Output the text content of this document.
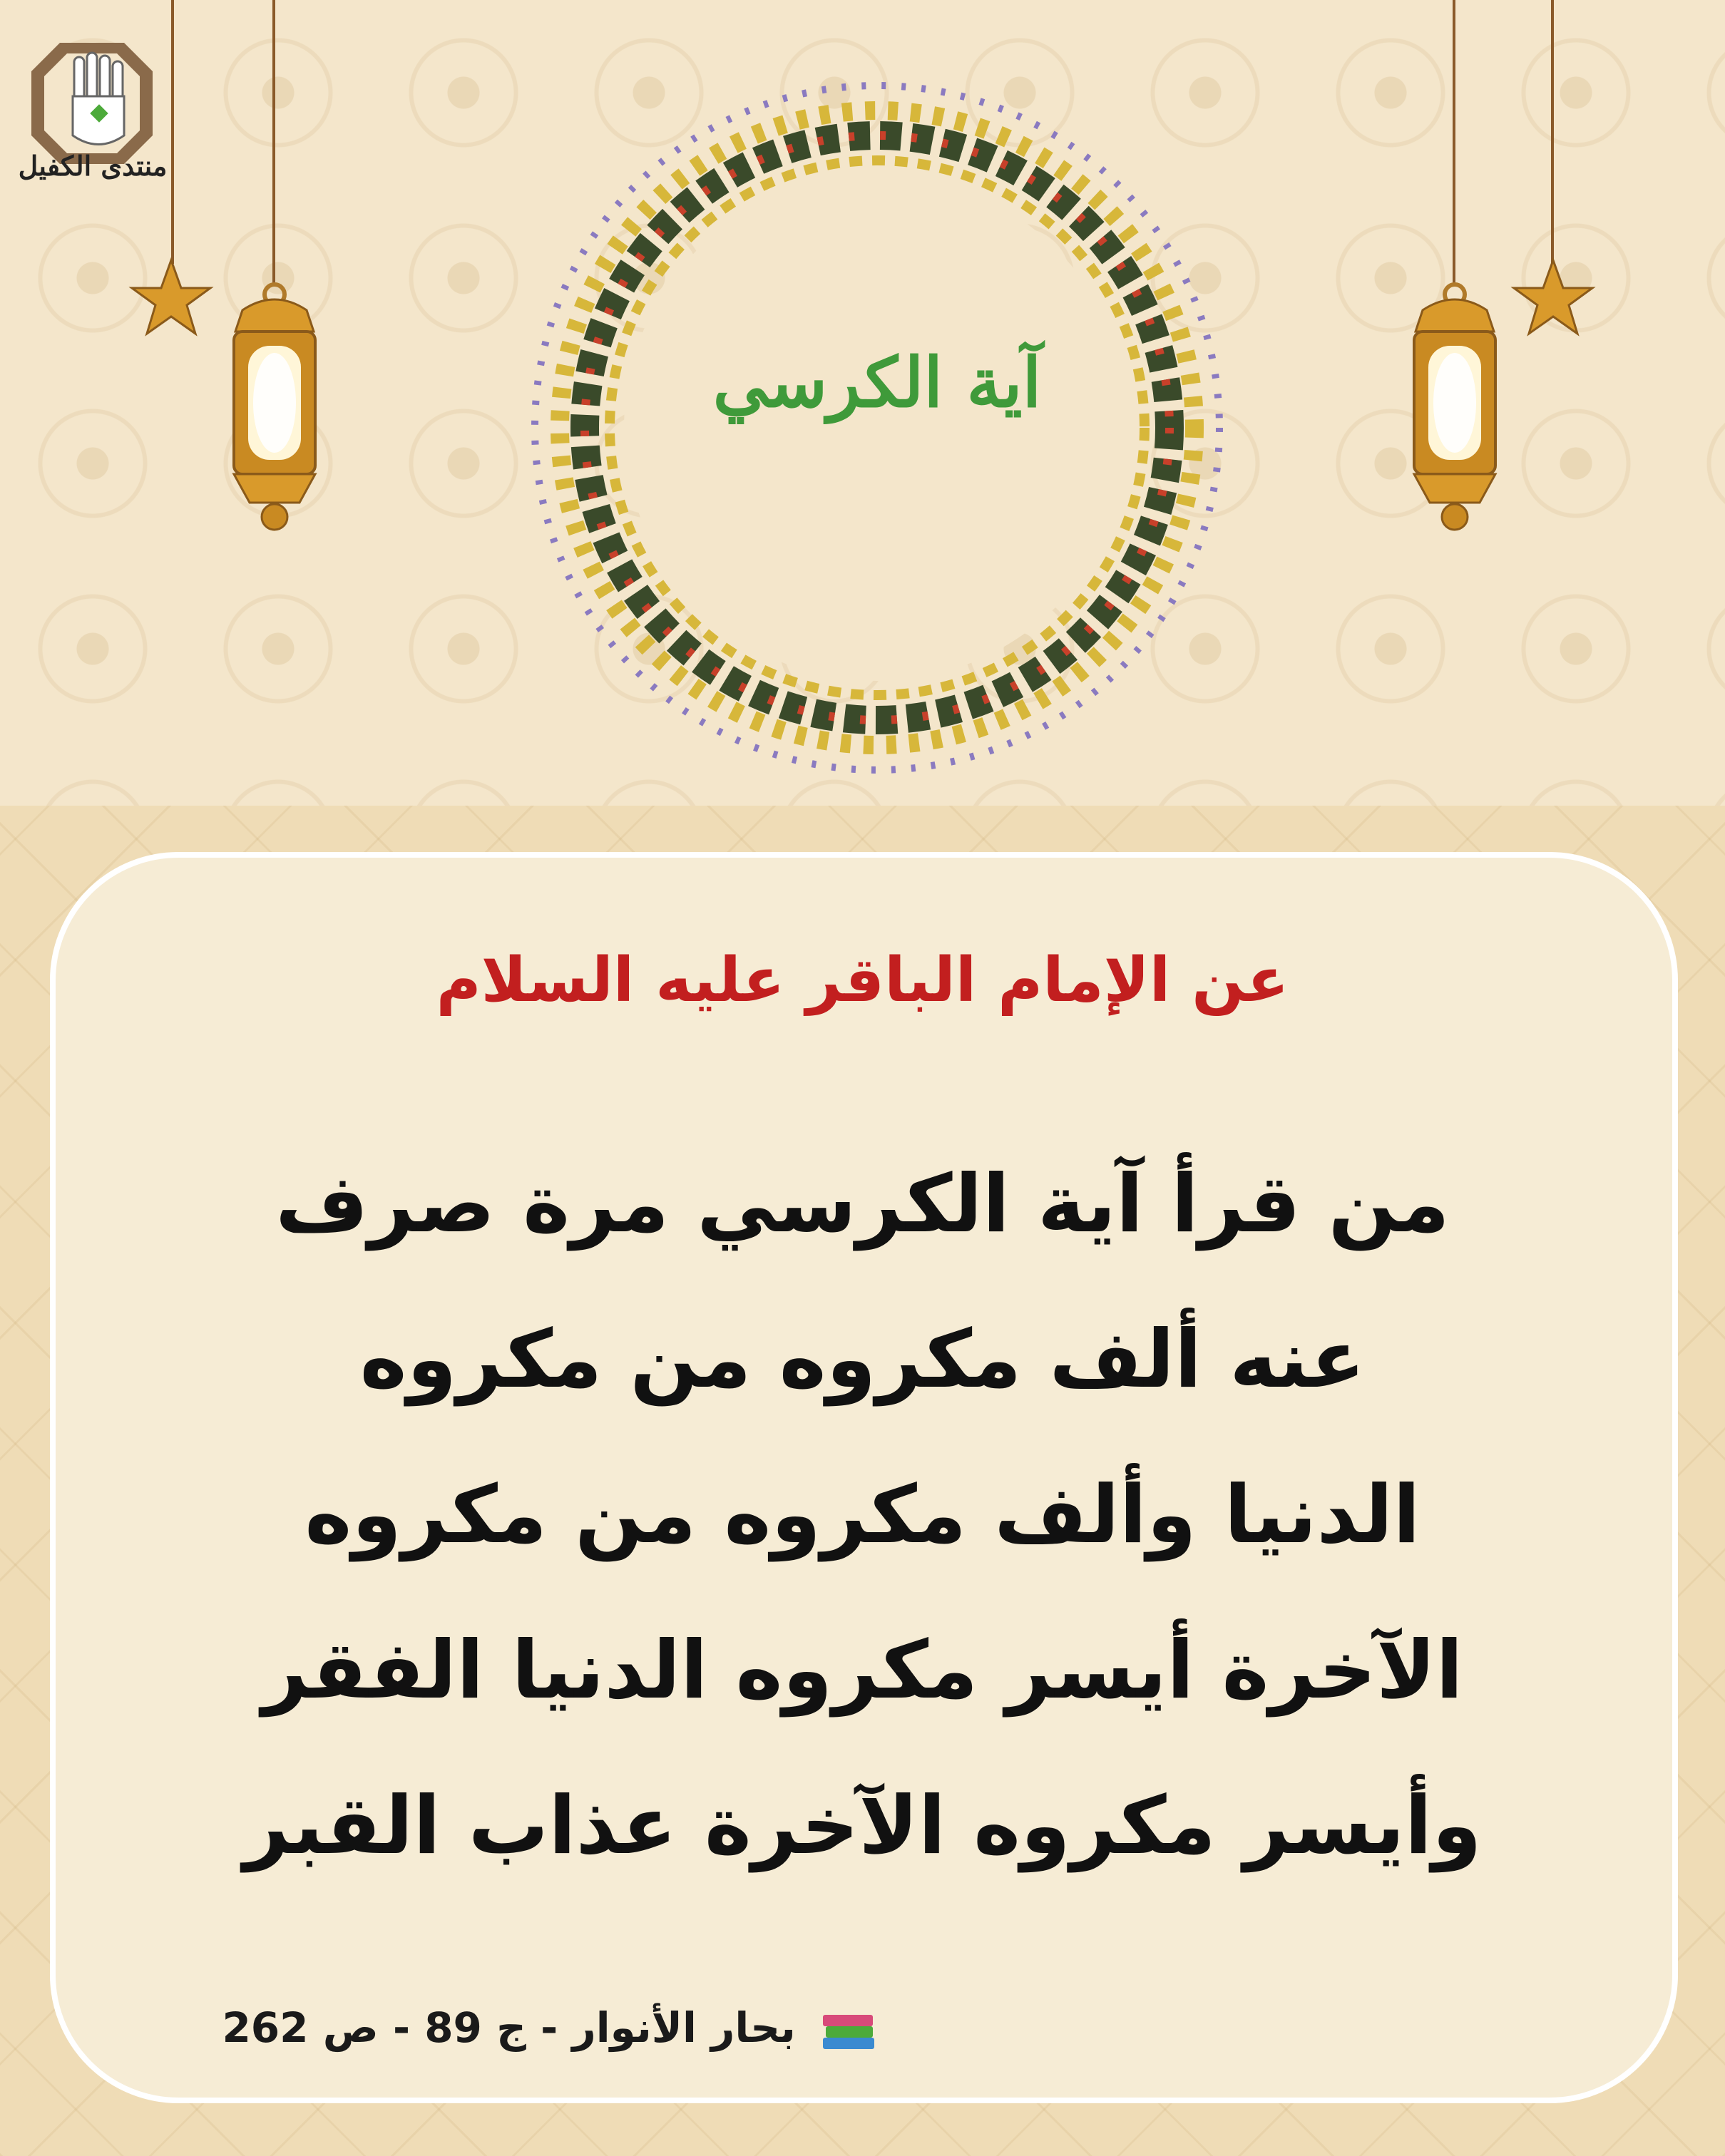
منتدى الكفيل
آية الكرسي
عن الإمام الباقر عليه السلام
من قرأ آية الكرسي مرة صرف
عنه ألف مكروه من مكروه
الدنيا وألف مكروه من مكروه
الآخرة أيسر مكروه الدنيا الفقر
وأيسر مكروه الآخرة عذاب القبر
بحار الأنوار - ج 89 - ص 262
